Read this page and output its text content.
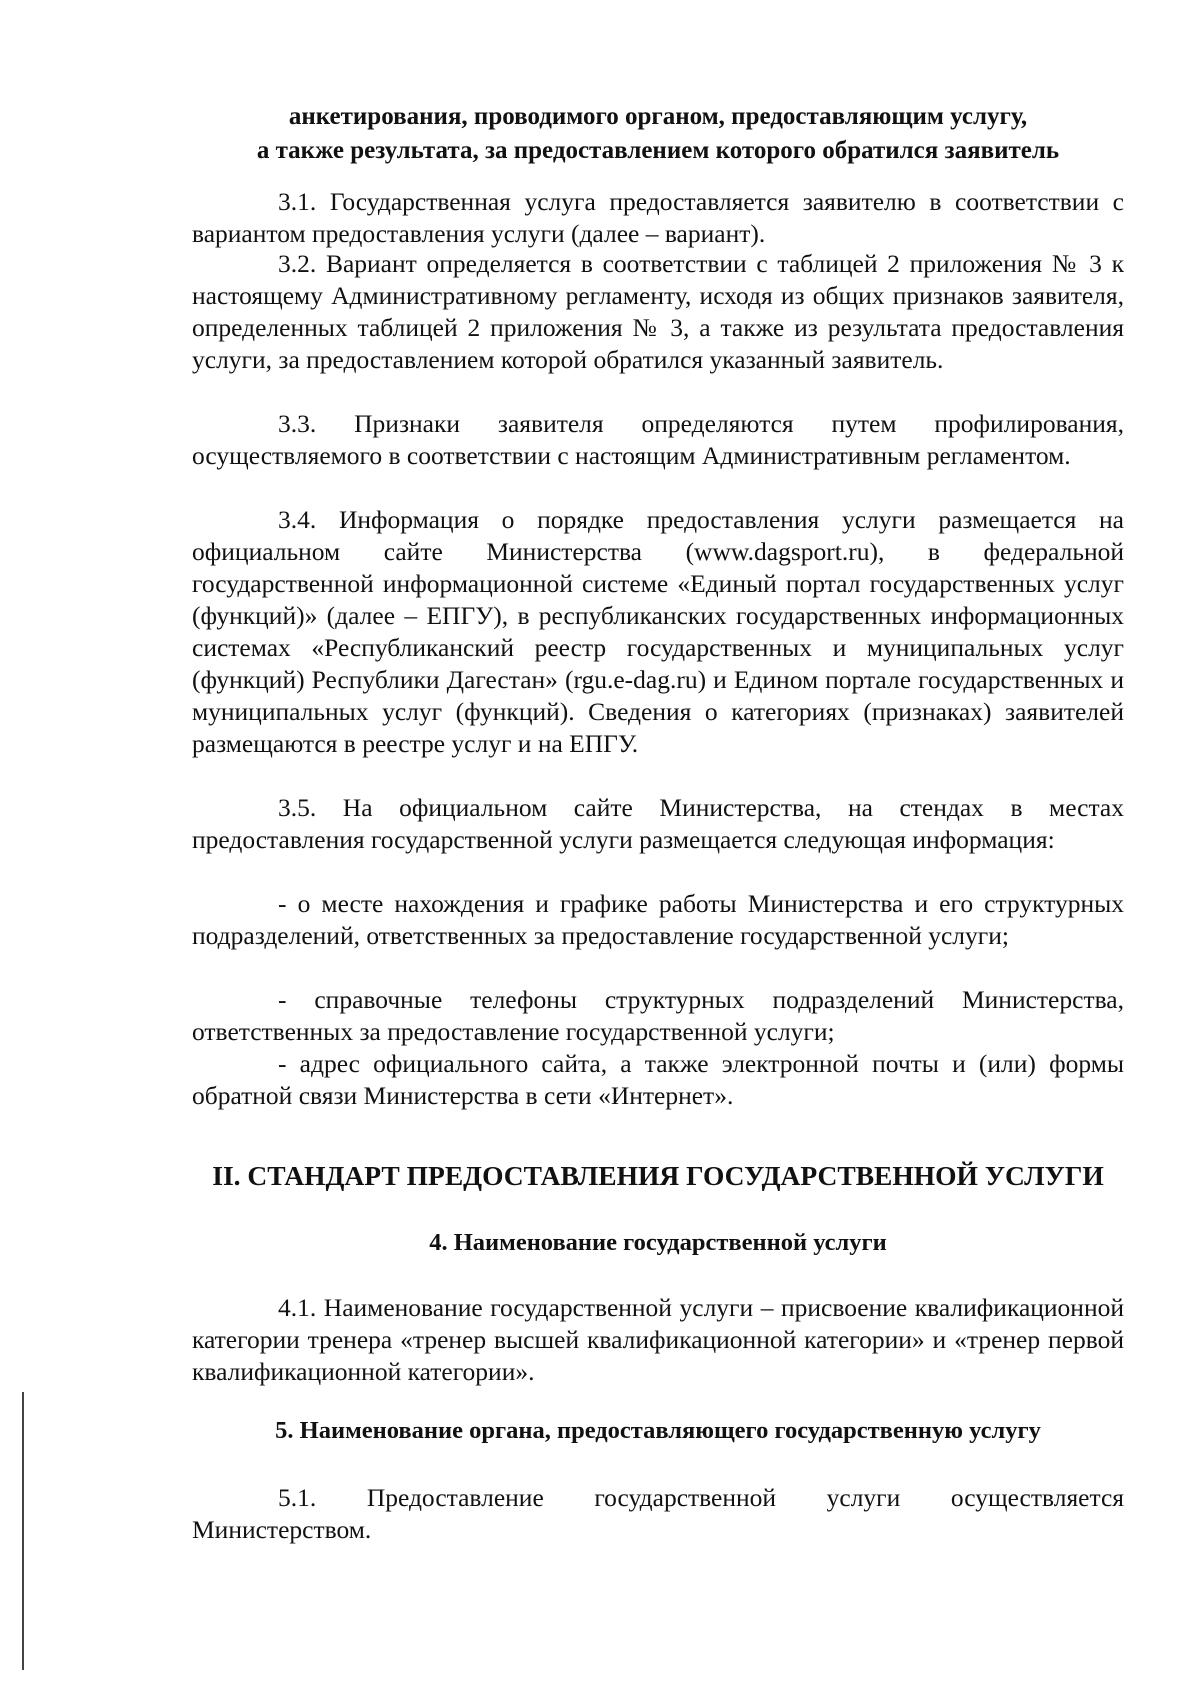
анкетирования, проводимого органом, предоставляющим услугу,
а также результата, за предоставлением которого обратился заявитель

3.1. Государственная услуга предоставляется заявителю в соответствии с вариантом предоставления услуги (далее – вариант).

3.2. Вариант определяется в соответствии с таблицей 2 приложения № 3 к настоящему Административному регламенту, исходя из общих признаков заявителя, определенных таблицей 2 приложения № 3, а также из результата предоставления услуги, за предоставлением которой обратился указанный заявитель.

3.3. Признаки заявителя определяются путем профилирования, осуществляемого в соответствии с настоящим Административным регламентом.

3.4. Информация о порядке предоставления услуги размещается на официальном сайте Министерства (www.dagsport.ru), в федеральной государственной информационной системе «Единый портал государственных услуг (функций)» (далее – ЕПГУ), в республиканских государственных информационных системах «Республиканский реестр государственных и муниципальных услуг (функций) Республики Дагестан» (rgu.e-dag.ru) и Едином портале государственных и муниципальных услуг (функций). Сведения о категориях (признаках) заявителей размещаются в реестре услуг и на ЕПГУ.

3.5. На официальном сайте Министерства, на стендах в местах предоставления государственной услуги размещается следующая информация:

- о месте нахождения и графике работы Министерства и его структурных подразделений, ответственных за предоставление государственной услуги;

- справочные телефоны структурных подразделений Министерства, ответственных за предоставление государственной услуги;

- адрес официального сайта, а также электронной почты и (или) формы обратной связи Министерства в сети «Интернет».

II. СТАНДАРТ ПРЕДОСТАВЛЕНИЯ ГОСУДАРСТВЕННОЙ УСЛУГИ
4. Наименование государственной услуги

4.1. Наименование государственной услуги – присвоение квалификационной категории тренера «тренер высшей квалификационной категории» и «тренер первой квалификационной категории».

5. Наименование органа, предоставляющего государственную услугу

5.1. Предоставление государственной услуги осуществляется Министерством.
